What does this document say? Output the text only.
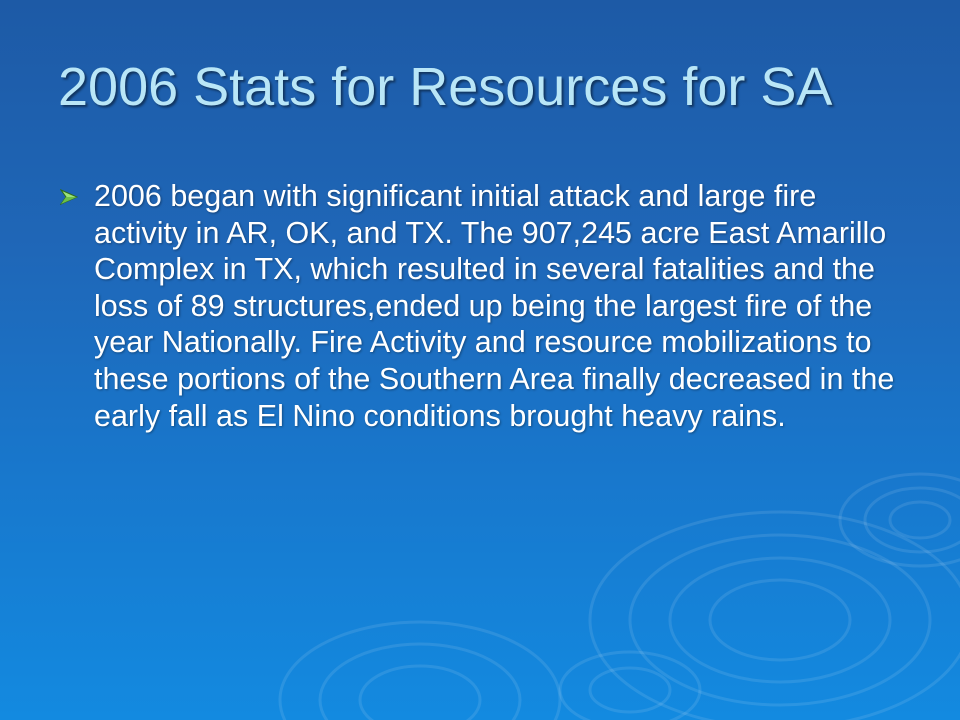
2006 Stats for Resources for SA
2006 began with significant initial attack and large fire activity in AR, OK, and TX. The 907,245 acre East Amarillo Complex in TX, which resulted in several fatalities and the loss of 89 structures,ended up being the largest fire of the year Nationally. Fire Activity and resource mobilizations to these portions of the Southern Area finally decreased in the early fall as El Nino conditions brought heavy rains.
